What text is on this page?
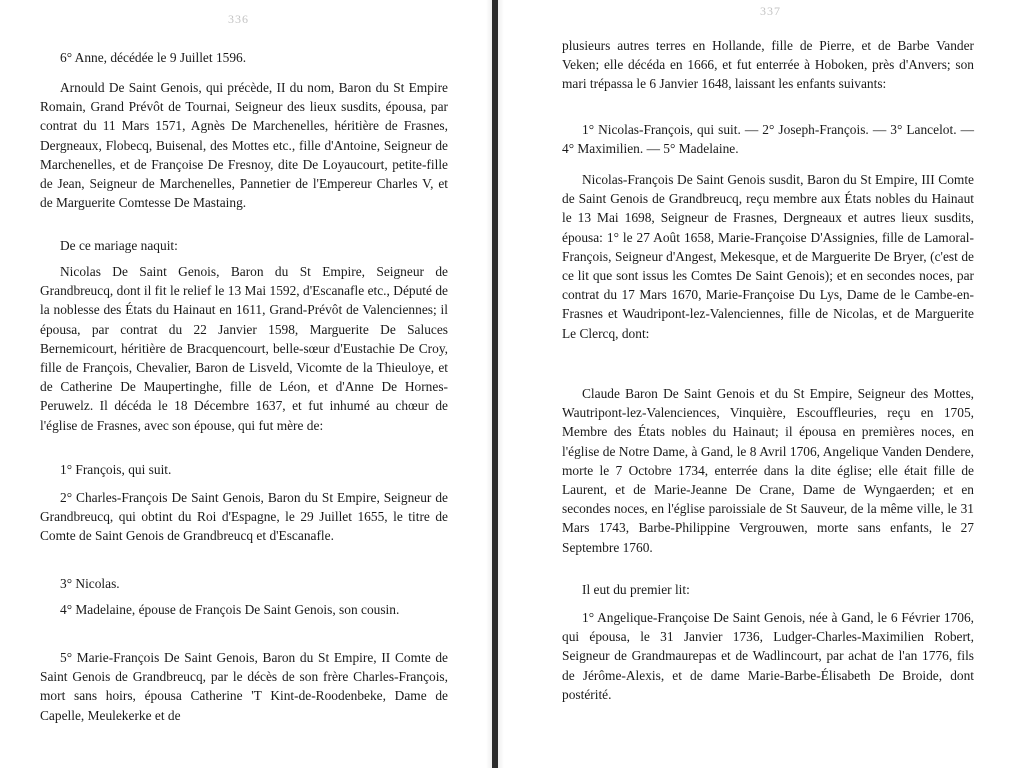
336

6° Anne, décédée le 9 Juillet 1596.

Arnould De Saint Genois, qui précède, II du nom, Baron du St Empire Romain, Grand Prévôt de Tournai, Seigneur des lieux susdits, épousa, par contrat du 11 Mars 1571, Agnès De Marchenelles, héritière de Frasnes, Dergneaux, Flobecq, Buisenal, des Mottes etc., fille d'Antoine, Seigneur de Marchenelles, et de Françoise De Fresnoy, dite De Loyaucourt, petite-fille de Jean, Seigneur de Marchenelles, Pannetier de l'Empereur Charles V, et de Marguerite Comtesse De Mastaing.

De ce mariage naquit:

Nicolas De Saint Genois, Baron du St Empire, Seigneur de Grandbreucq, dont il fit le relief le 13 Mai 1592, d'Escanafle etc., Député de la noblesse des États du Hainaut en 1611, Grand-Prévôt de Valenciennes; il épousa, par contrat du 22 Janvier 1598, Marguerite De Saluces Bernemicourt, héritière de Bracquencourt, belle-sœur d'Eustachie De Croy, fille de François, Chevalier, Baron de Lisveld, Vicomte de la Thieuloye, et de Catherine De Maupertinghe, fille de Léon, et d'Anne De Hornes-Peruwelz. Il décéda le 18 Décembre 1637, et fut inhumé au chœur de l'église de Frasnes, avec son épouse, qui fut mère de:

1° François, qui suit.

2° Charles-François De Saint Genois, Baron du St Empire, Seigneur de Grandbreucq, qui obtint du Roi d'Espagne, le 29 Juillet 1655, le titre de Comte de Saint Genois de Grandbreucq et d'Escanafle.

3° Nicolas.

4° Madelaine, épouse de François De Saint Genois, son cousin.

5° Marie-François De Saint Genois, Baron du St Empire, II Comte de Saint Genois de Grandbreucq, par le décès de son frère Charles-François, mort sans hoirs, épousa Catherine 'T Kint-de-Roodenbeke, Dame de Capelle, Meulekerke et de

337

plusieurs autres terres en Hollande, fille de Pierre, et de Barbe Vander Veken; elle décéda en 1666, et fut enterrée à Hoboken, près d'Anvers; son mari trépassa le 6 Janvier 1648, laissant les enfants suivants:

1° Nicolas-François, qui suit. — 2° Joseph-François. — 3° Lancelot. — 4° Maximilien. — 5° Madelaine.

Nicolas-François De Saint Genois susdit, Baron du St Empire, III Comte de Saint Genois de Grandbreucq, reçu membre aux États nobles du Hainaut le 13 Mai 1698, Seigneur de Frasnes, Dergneaux et autres lieux susdits, épousa: 1° le 27 Août 1658, Marie-Françoise D'Assignies, fille de Lamoral-François, Seigneur d'Angest, Mekesque, et de Marguerite De Bryer, (c'est de ce lit que sont issus les Comtes De Saint Genois); et en secondes noces, par contrat du 17 Mars 1670, Marie-Françoise Du Lys, Dame de le Cambe-en-Frasnes et Waudripont-lez-Valenciennes, fille de Nicolas, et de Marguerite Le Clercq, dont:

Claude Baron De Saint Genois et du St Empire, Seigneur des Mottes, Wautripont-lez-Valenciences, Vinquière, Escouffleuries, reçu en 1705, Membre des États nobles du Hainaut; il épousa en premières noces, en l'église de Notre Dame, à Gand, le 8 Avril 1706, Angelique Vanden Dendere, morte le 7 Octobre 1734, enterrée dans la dite église; elle était fille de Laurent, et de Marie-Jeanne De Crane, Dame de Wyngaerden; et en secondes noces, en l'église paroissiale de St Sauveur, de la même ville, le 31 Mars 1743, Barbe-Philippine Vergrouwen, morte sans enfants, le 27 Septembre 1760.

Il eut du premier lit:

1° Angelique-Françoise De Saint Genois, née à Gand, le 6 Février 1706, qui épousa, le 31 Janvier 1736, Ludger-Charles-Maximilien Robert, Seigneur de Grandmaurepas et de Wadlincourt, par achat de l'an 1776, fils de Jérôme-Alexis, et de dame Marie-Barbe-Élisabeth De Broide, dont postérité.
